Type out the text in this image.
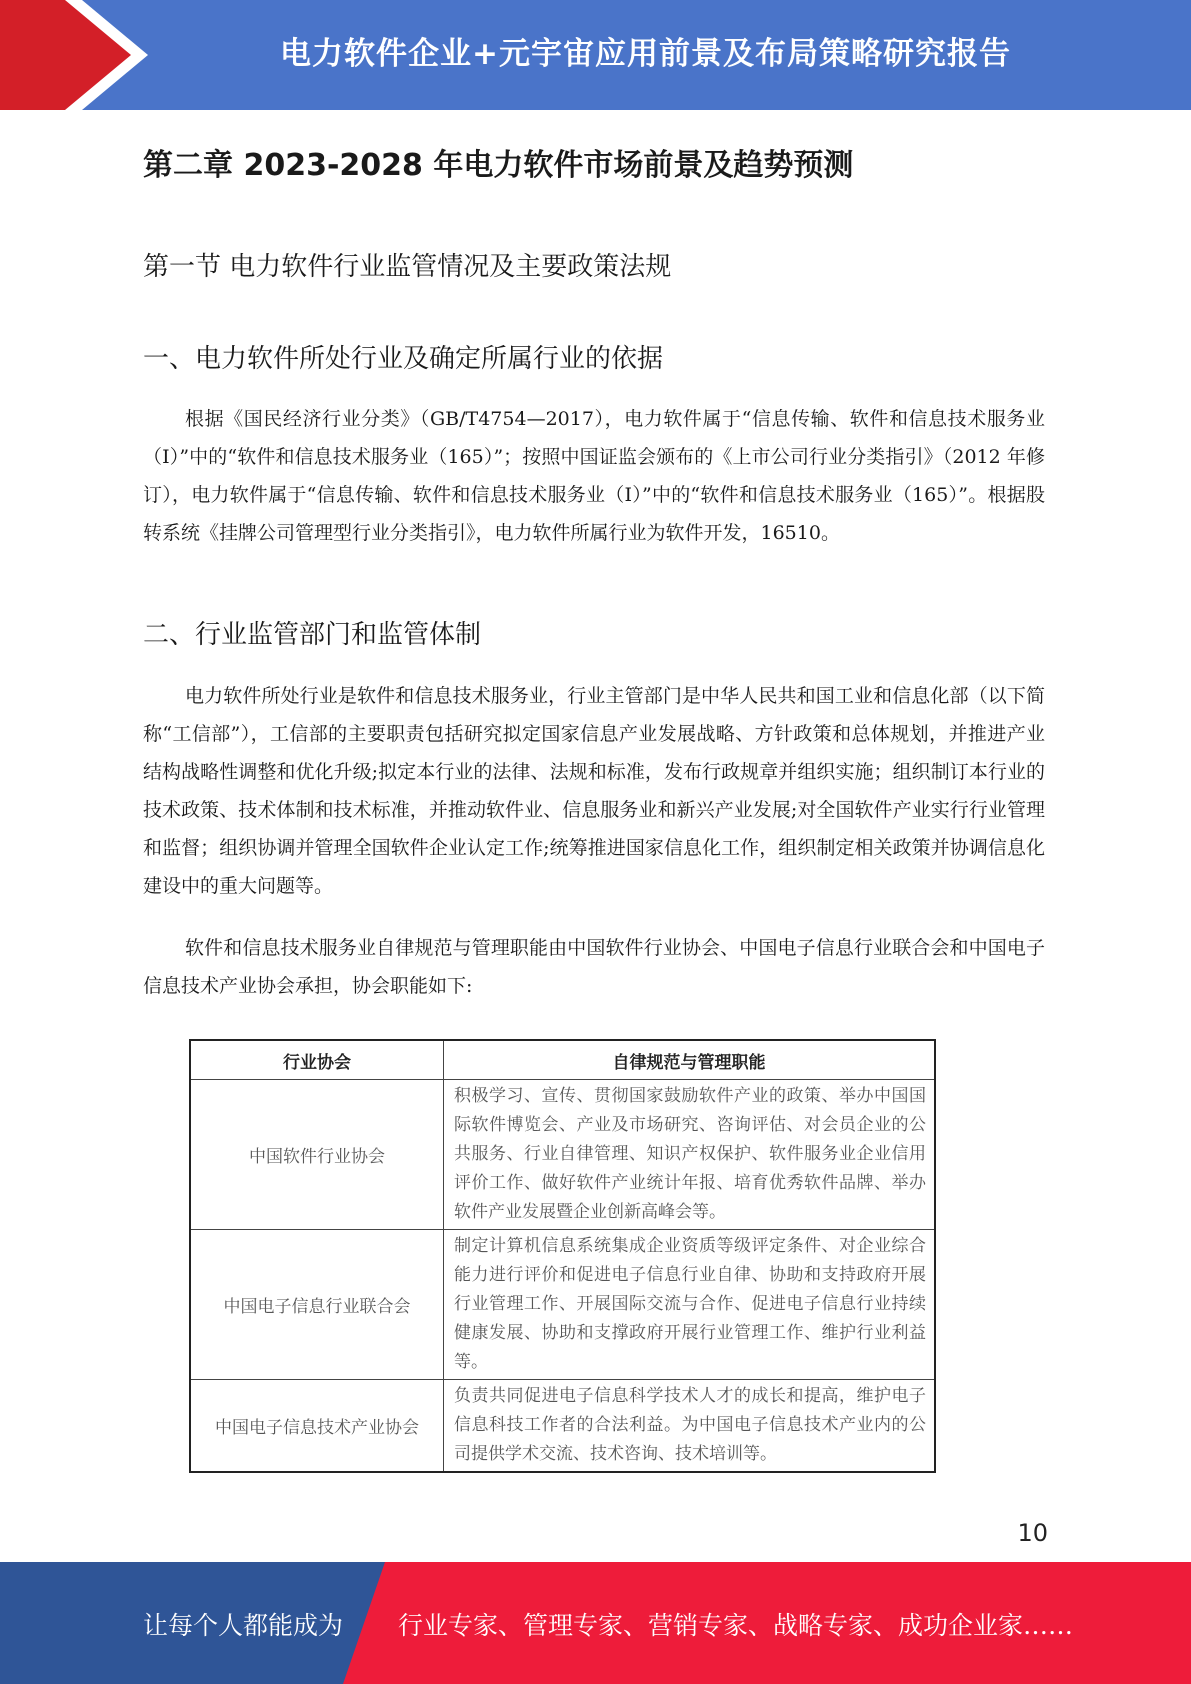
电力软件企业+元宇宙应用前景及布局策略研究报告
第二章 2023-2028 年电力软件市场前景及趋势预测
第一节 电力软件行业监管情况及主要政策法规
一、电力软件所处行业及确定所属行业的依据

根据《国民经济行业分类》（GB/T4754—2017），电力软件属于“信息传输、软件和信息技术服务业（I）”中的“软件和信息技术服务业（165）”；按照中国证监会颁布的《上市公司行业分类指引》（2012 年修订），电力软件属于“信息传输、软件和信息技术服务业（I）”中的“软件和信息技术服务业（165）”。根据股转系统《挂牌公司管理型行业分类指引》，电力软件所属行业为软件开发，16510。

二、行业监管部门和监管体制

电力软件所处行业是软件和信息技术服务业，行业主管部门是中华人民共和国工业和信息化部（以下简称“工信部”），工信部的主要职责包括研究拟定国家信息产业发展战略、方针政策和总体规划，并推进产业结构战略性调整和优化升级;拟定本行业的法律、法规和标准，发布行政规章并组织实施；组织制订本行业的技术政策、技术体制和技术标准，并推动软件业、信息服务业和新兴产业发展;对全国软件产业实行行业管理和监督；组织协调并管理全国软件企业认定工作;统筹推进国家信息化工作，组织制定相关政策并协调信息化建设中的重大问题等。

软件和信息技术服务业自律规范与管理职能由中国软件行业协会、中国电子信息行业联合会和中国电子信息技术产业协会承担，协会职能如下:

行业协会	自律规范与管理职能
中国软件行业协会	积极学习、宣传、贯彻国家鼓励软件产业的政策、举办中国国际软件博览会、产业及市场研究、咨询评估、对会员企业的公共服务、行业自律管理、知识产权保护、软件服务业企业信用评价工作、做好软件产业统计年报、培育优秀软件品牌、举办软件产业发展暨企业创新高峰会等。
中国电子信息行业联合会	制定计算机信息系统集成企业资质等级评定条件、对企业综合能力进行评价和促进电子信息行业自律、协助和支持政府开展行业管理工作、开展国际交流与合作、促进电子信息行业持续健康发展、协助和支撑政府开展行业管理工作、维护行业利益等。
中国电子信息技术产业协会	负责共同促进电子信息科学技术人才的成长和提高，维护电子信息科技工作者的合法利益。为中国电子信息技术产业内的公司提供学术交流、技术咨询、技术培训等。
10
让每个人都能成为 行业专家、管理专家、营销专家、战略专家、成功企业家……
